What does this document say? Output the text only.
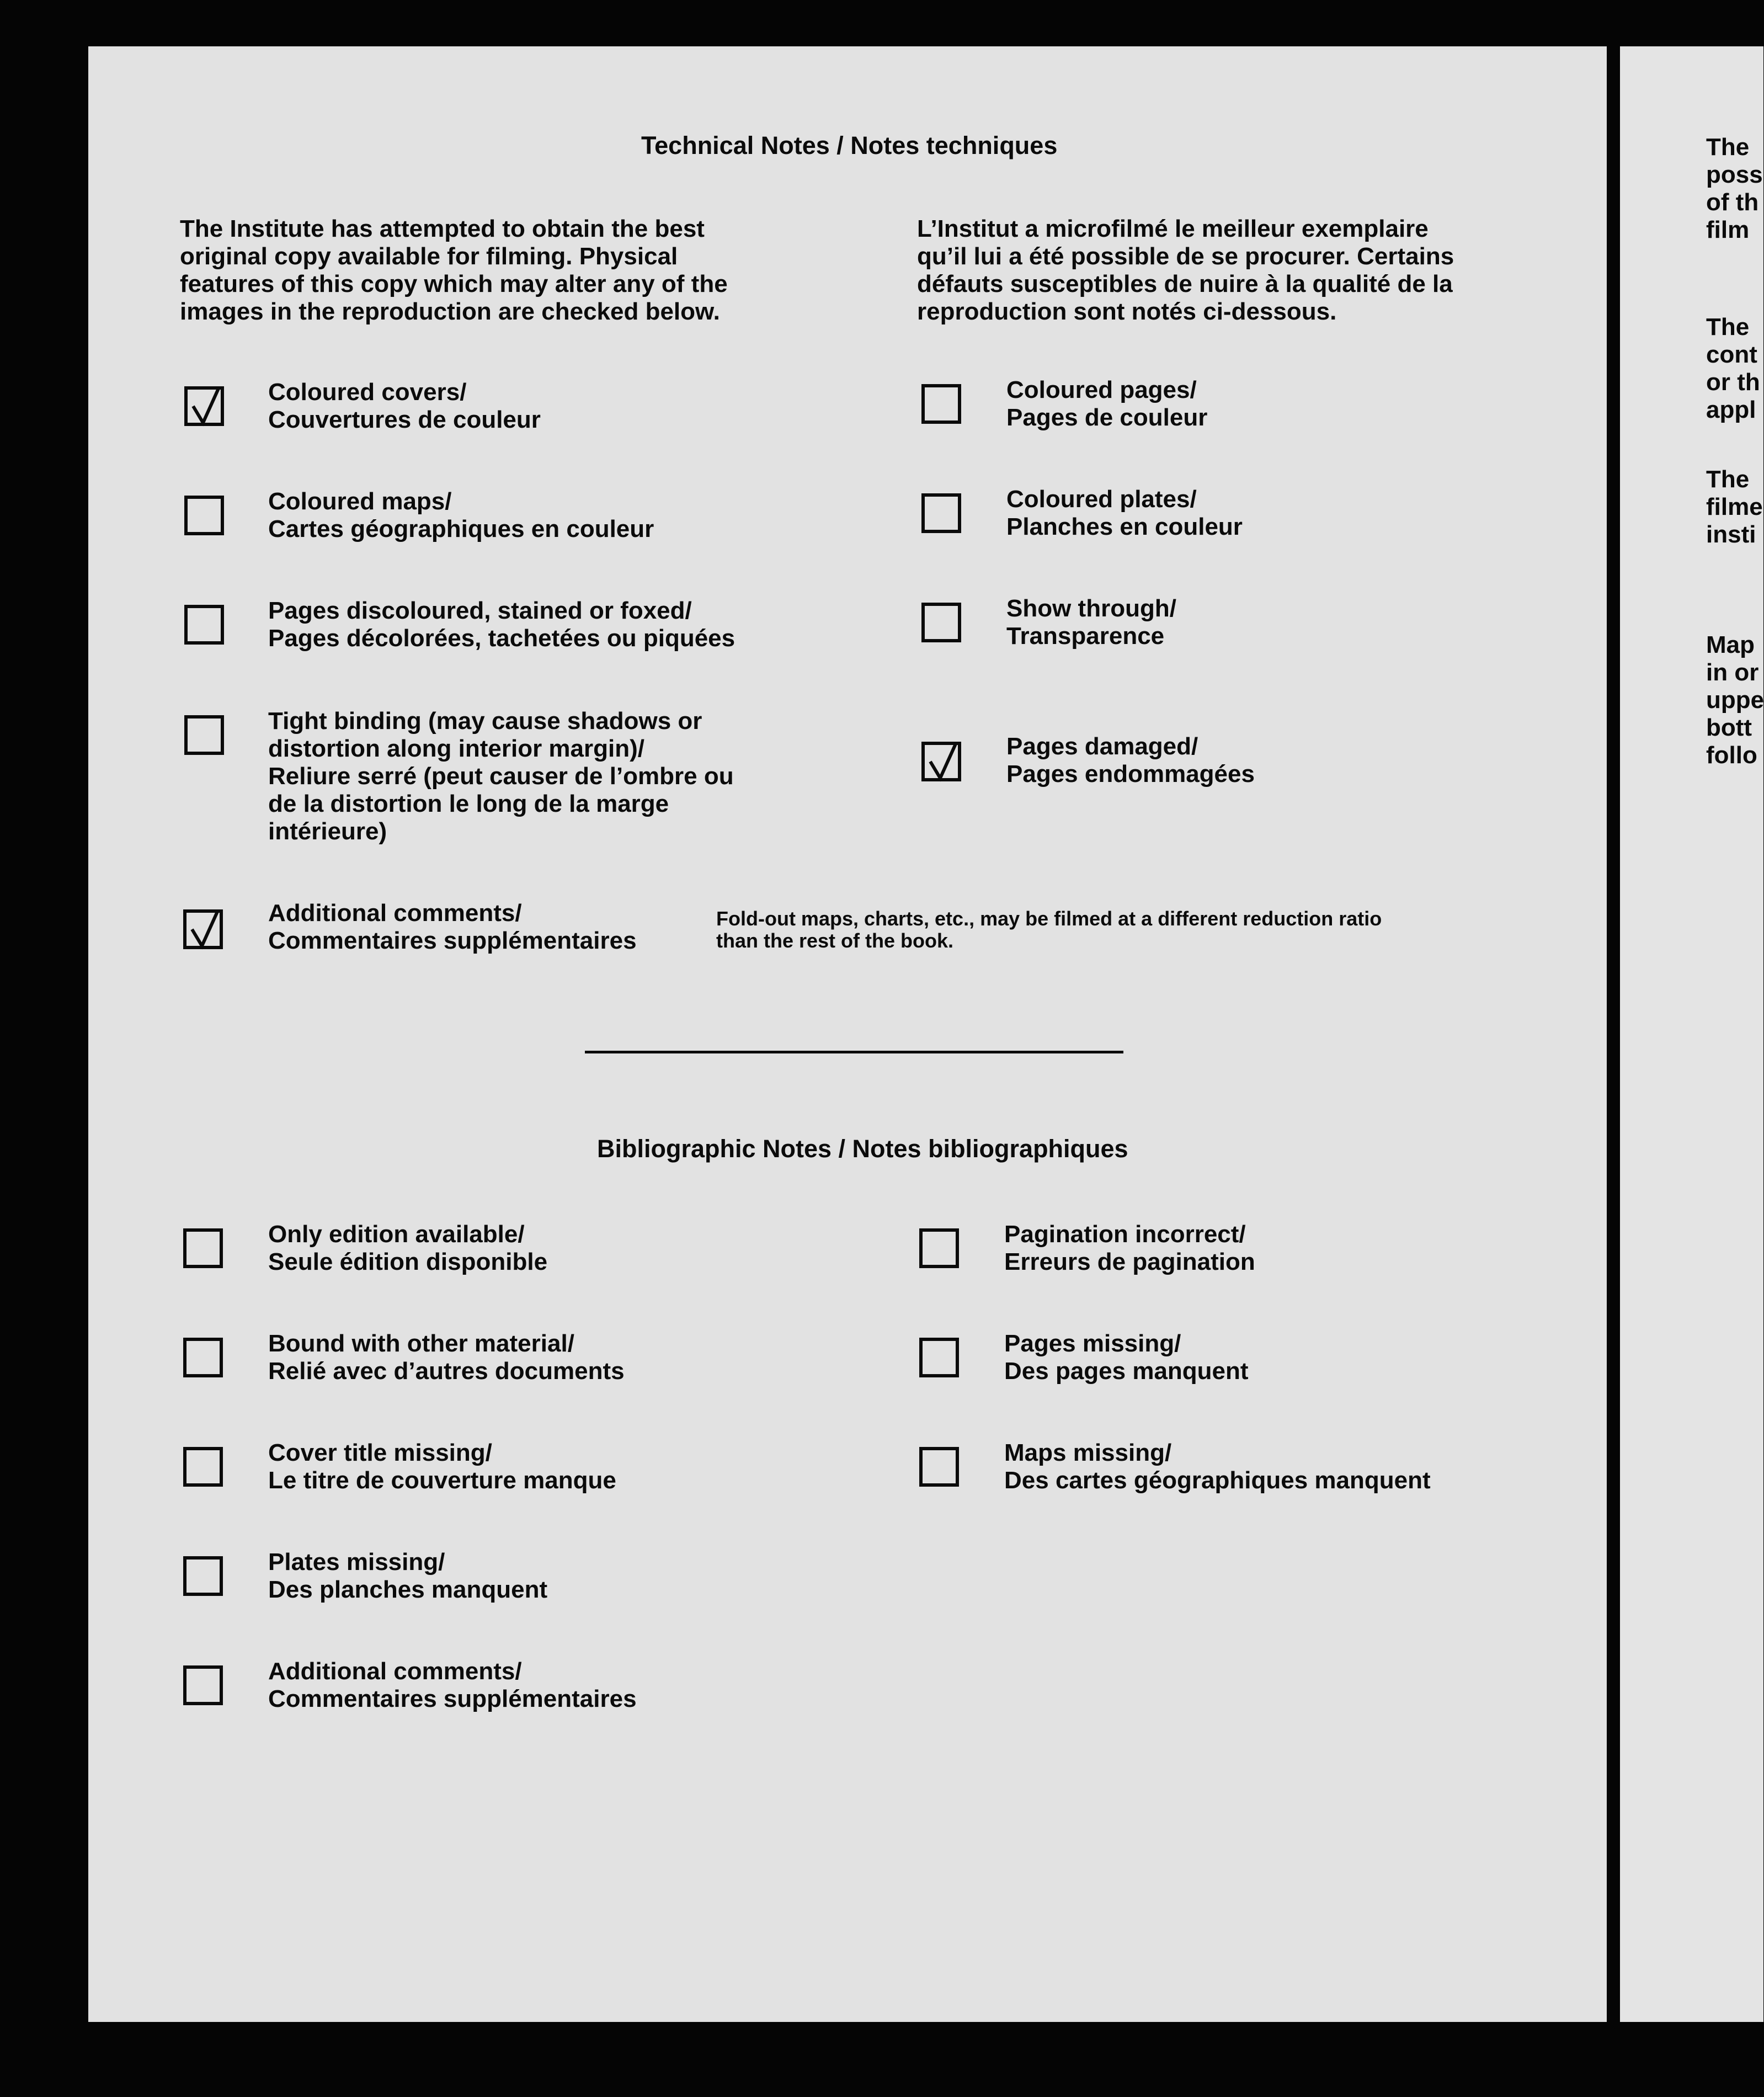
Technical Notes / Notes techniques
The Institute has attempted to obtain the best
original copy available for filming. Physical
features of this copy which may alter any of the
images in the reproduction are checked below.
L’Institut a microfilmé le meilleur exemplaire
qu’il lui a été possible de se procurer. Certains
défauts susceptibles de nuire à la qualité de la
reproduction sont notés ci-dessous.
Coloured covers/
Couvertures de couleur
Coloured maps/
Cartes géographiques en couleur
Pages discoloured, stained or foxed/
Pages décolorées, tachetées ou piquées
Tight binding (may cause shadows or
distortion along interior margin)/
Reliure serré (peut causer de l’ombre ou
de la distortion le long de la marge
intérieure)
Coloured pages/
Pages de couleur
Coloured plates/
Planches en couleur
Show through/
Transparence
Pages damaged/
Pages endommagées
Additional comments/
Commentaires supplémentaires
Fold-out maps, charts, etc., may be filmed at a different reduction ratio
than the rest of the book.
Bibliographic Notes / Notes bibliographiques
Only edition available/
Seule édition disponible
Bound with other material/
Relié avec d’autres documents
Cover title missing/
Le titre de couverture manque
Plates missing/
Des planches manquent
Additional comments/
Commentaires supplémentaires
Pagination incorrect/
Erreurs de pagination
Pages missing/
Des pages manquent
Maps missing/
Des cartes géographiques manquent
The
poss
of th
film
The
cont
or th
appl
The
filme
insti
Map
in or
uppe
bott
follo
